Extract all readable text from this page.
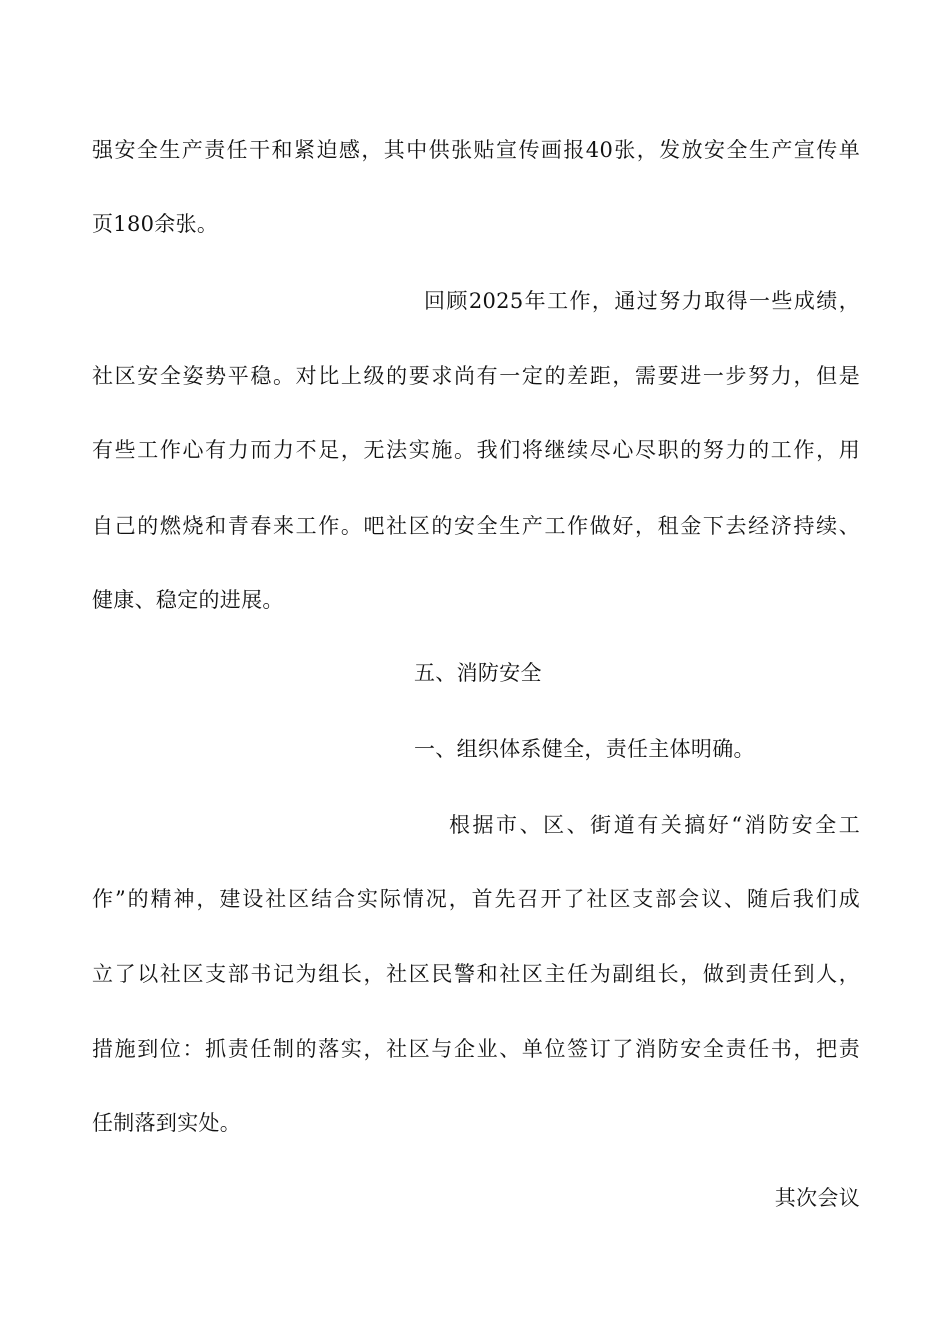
强安全生产责任干和紧迫感，其中供张贴宣传画报40张，发放安全生产宣传单
页180余张。
回顾2025年工作，通过努力取得一些成绩，
社区安全姿势平稳。对比上级的要求尚有一定的差距，需要进一步努力，但是
有些工作心有力而力不足，无法实施。我们将继续尽心尽职的努力的工作，用
自己的燃烧和青春来工作。吧社区的安全生产工作做好，租金下去经济持续、
健康、稳定的进展。
五、消防安全
一、组织体系健全，责任主体明确。
根据市、区、街道有关搞好“消防安全工
作”的精神，建设社区结合实际情况，首先召开了社区支部会议、随后我们成
立了以社区支部书记为组长，社区民警和社区主任为副组长，做到责任到人，
措施到位：抓责任制的落实，社区与企业、单位签订了消防安全责任书，把责
任制落到实处。
其次会议
